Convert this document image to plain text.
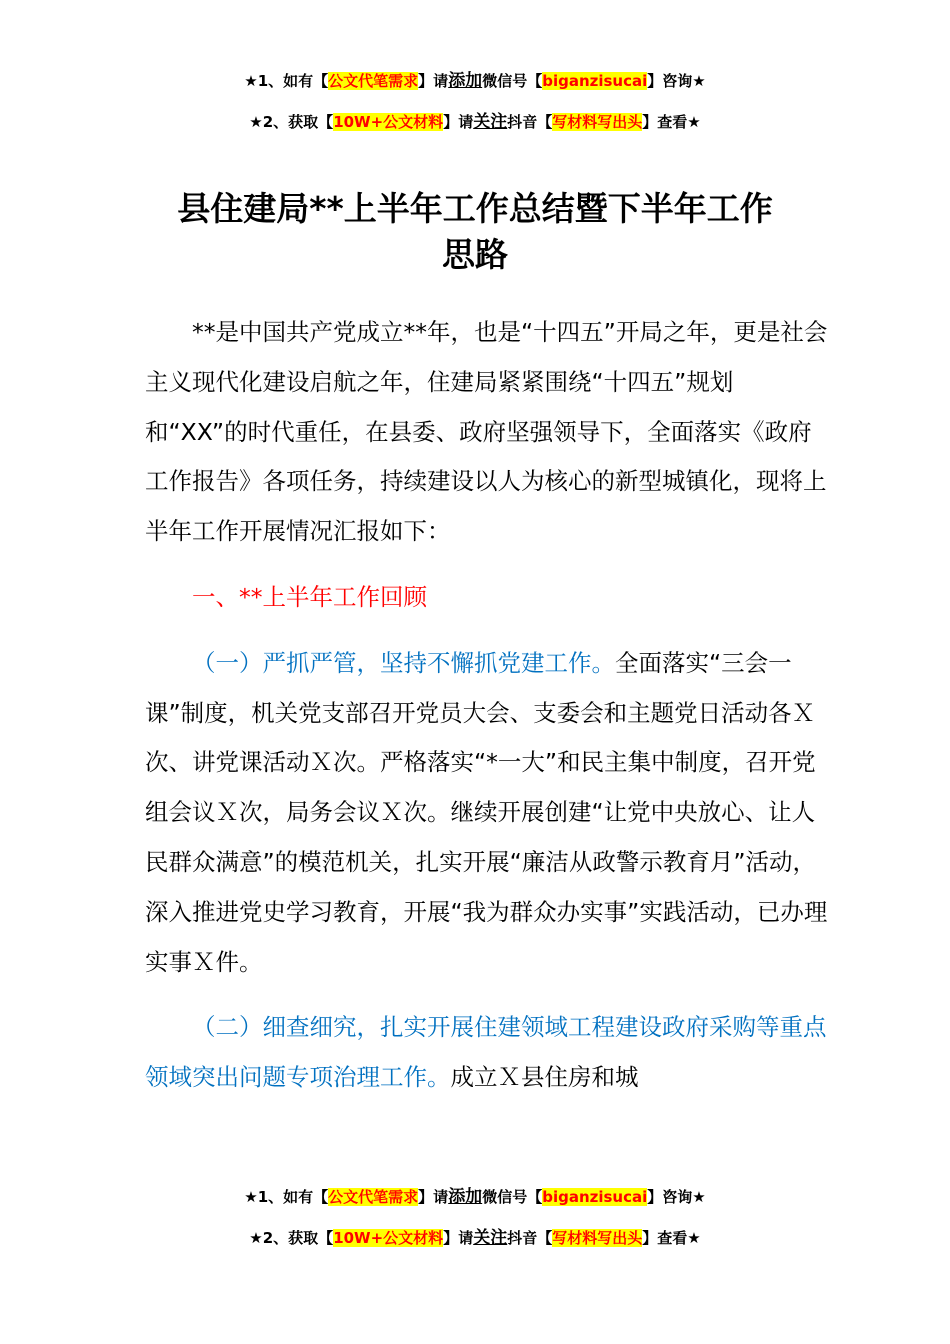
★1、如有【公文代笔需求】请添加微信号【biganzisucai】咨询★
★2、获取【10W+公文材料】请关注抖音【写材料写出头】查看★
县住建局**上半年工作总结暨下半年工作
思路

**是中国共产党成立**年，也是“十四五”开局之年，更是社会主义现代化建设启航之年，住建局紧紧围绕“十四五”规划和“XX”的时代重任，在县委、政府坚强领导下，全面落实《政府工作报告》各项任务，持续建设以人为核心的新型城镇化，现将上半年工作开展情况汇报如下：

一、**上半年工作回顾

（一）严抓严管，坚持不懈抓党建工作。全面落实“三会一课”制度，机关党支部召开党员大会、支委会和主题党日活动各Ｘ次、讲党课活动Ｘ次。严格落实“*一大”和民主集中制度，召开党组会议Ｘ次，局务会议Ｘ次。继续开展创建“让党中央放心、让人民群众满意”的模范机关，扎实开展“廉洁从政警示教育月”活动，深入推进党史学习教育，开展“我为群众办实事”实践活动，已办理实事Ｘ件。

（二）细查细究，扎实开展住建领域工程建设政府采购等重点领域突出问题专项治理工作。成立Ｘ县住房和城

★1、如有【公文代笔需求】请添加微信号【biganzisucai】咨询★
★2、获取【10W+公文材料】请关注抖音【写材料写出头】查看★
